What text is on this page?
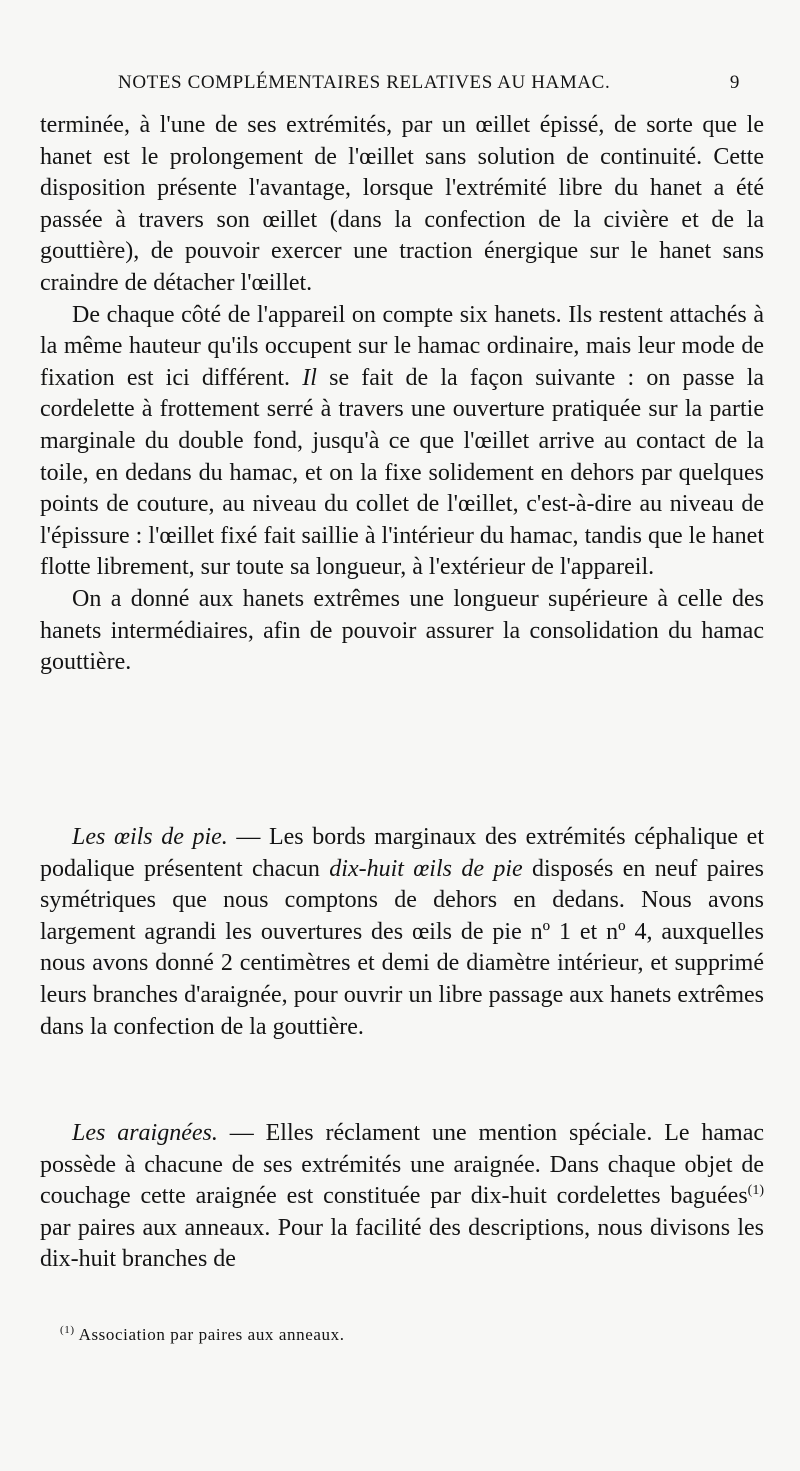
NOTES COMPLÉMENTAIRES RELATIVES AU HAMAC.	9

terminée, à l'une de ses extrémités, par un œillet épissé, de sorte que le hanet est le prolongement de l'œillet sans solution de continuité. Cette disposition présente l'avantage, lorsque l'extrémité libre du hanet a été passée à travers son œillet (dans la confection de la civière et de la gouttière), de pouvoir exercer une traction énergique sur le hanet sans craindre de détacher l'œillet.

De chaque côté de l'appareil on compte six hanets. Ils restent attachés à la même hauteur qu'ils occupent sur le hamac ordinaire, mais leur mode de fixation est ici différent. Il se fait de la façon suivante : on passe la cordelette à frottement serré à travers une ouverture pratiquée sur la partie marginale du double fond, jusqu'à ce que l'œillet arrive au contact de la toile, en dedans du hamac, et on la fixe solidement en dehors par quelques points de couture, au niveau du collet de l'œillet, c'est-à-dire au niveau de l'épissure : l'œillet fixé fait saillie à l'intérieur du hamac, tandis que le hanet flotte librement, sur toute sa longueur, à l'extérieur de l'appareil.

On a donné aux hanets extrêmes une longueur supérieure à celle des hanets intermédiaires, afin de pouvoir assurer la consolidation du hamac gouttière.

Les œils de pie. — Les bords marginaux des extrémités céphalique et podalique présentent chacun dix-huit œils de pie disposés en neuf paires symétriques que nous comptons de dehors en dedans. Nous avons largement agrandi les ouvertures des œils de pie nº 1 et nº 4, auxquelles nous avons donné 2 centimètres et demi de diamètre intérieur, et supprimé leurs branches d'araignée, pour ouvrir un libre passage aux hanets extrêmes dans la confection de la gouttière.

Les araignées. — Elles réclament une mention spéciale. Le hamac possède à chacune de ses extrémités une araignée. Dans chaque objet de couchage cette araignée est constituée par dix-huit cordelettes baguées$^{(1)}$ par paires aux anneaux. Pour la facilité des descriptions, nous divisons les dix-huit branches de

$^{(1)}$ Association par paires aux anneaux.
